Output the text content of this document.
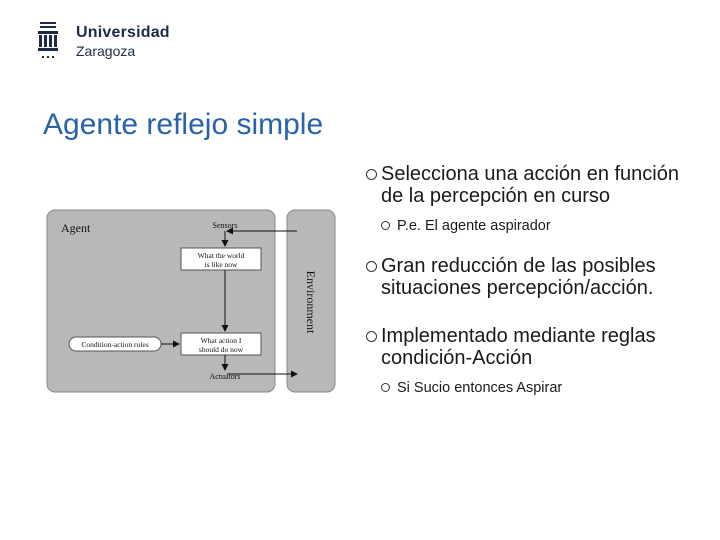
Universidad
Zaragoza
Agente reflejo simple
Agent	Sensors
What the world
is like now
What action I
should do now
Condition-action rules
Actuators
Environment
Selecciona una acción en función de la percepción en curso
P.e. El agente aspirador
Gran reducción de las posibles situaciones percepción/acción.
Implementado mediante reglas condición-Acción
Si Sucio entonces Aspirar
